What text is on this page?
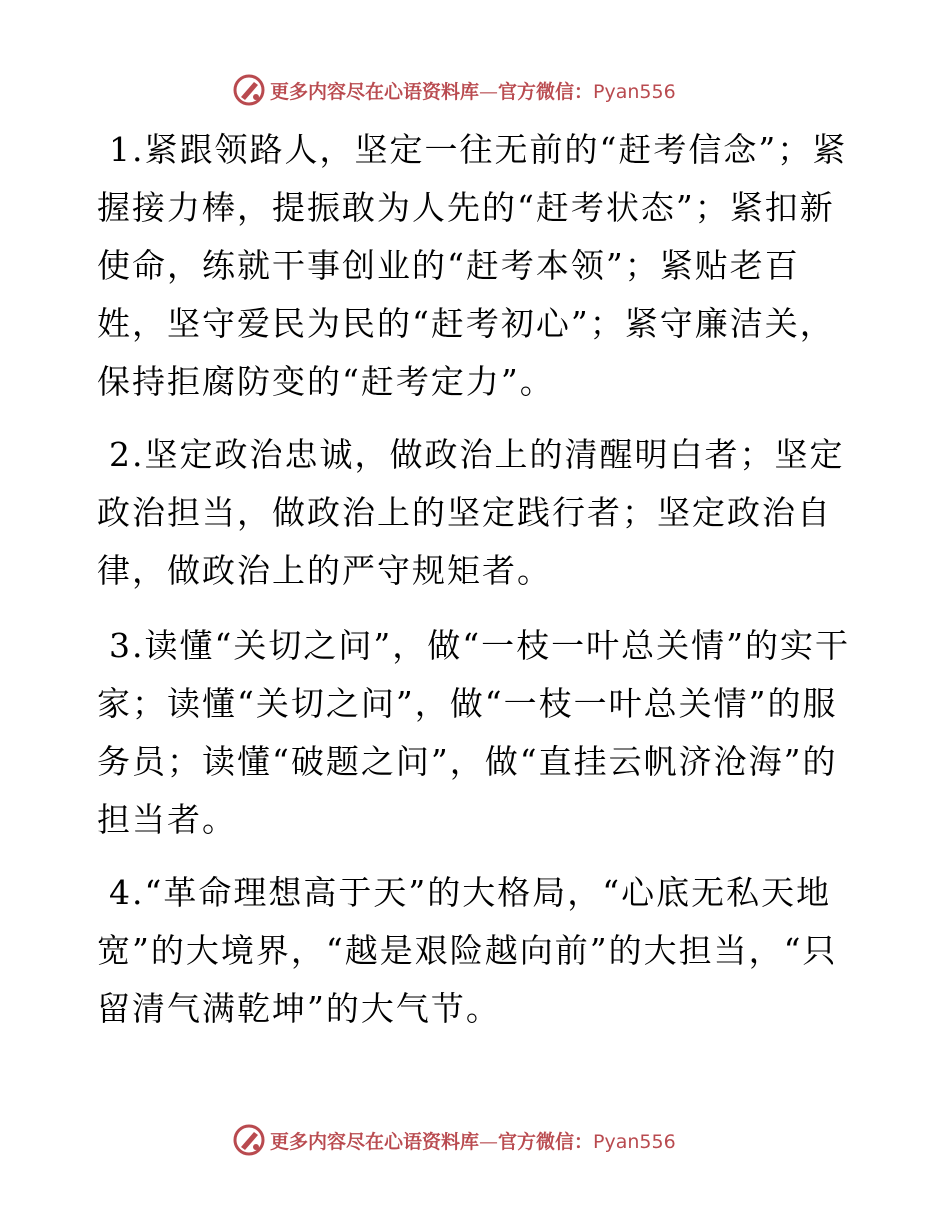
更多内容尽在心语资料库—官方微信：Pyan556

1.紧跟领路人，坚定一往无前的“赶考信念”；紧握接力棒，提振敢为人先的“赶考状态”；紧扣新使命，练就干事创业的“赶考本领”；紧贴老百姓，坚守爱民为民的“赶考初心”；紧守廉洁关，保持拒腐防变的“赶考定力”。

2.坚定政治忠诚，做政治上的清醒明白者；坚定政治担当，做政治上的坚定践行者；坚定政治自律，做政治上的严守规矩者。

3.读懂“关切之问”，做“一枝一叶总关情”的实干家；读懂“关切之问”，做“一枝一叶总关情”的服务员；读懂“破题之问”，做“直挂云帆济沧海”的担当者。

4.“革命理想高于天”的大格局，“心底无私天地宽”的大境界，“越是艰险越向前”的大担当，“只留清气满乾坤”的大气节。

更多内容尽在心语资料库—官方微信：Pyan556
